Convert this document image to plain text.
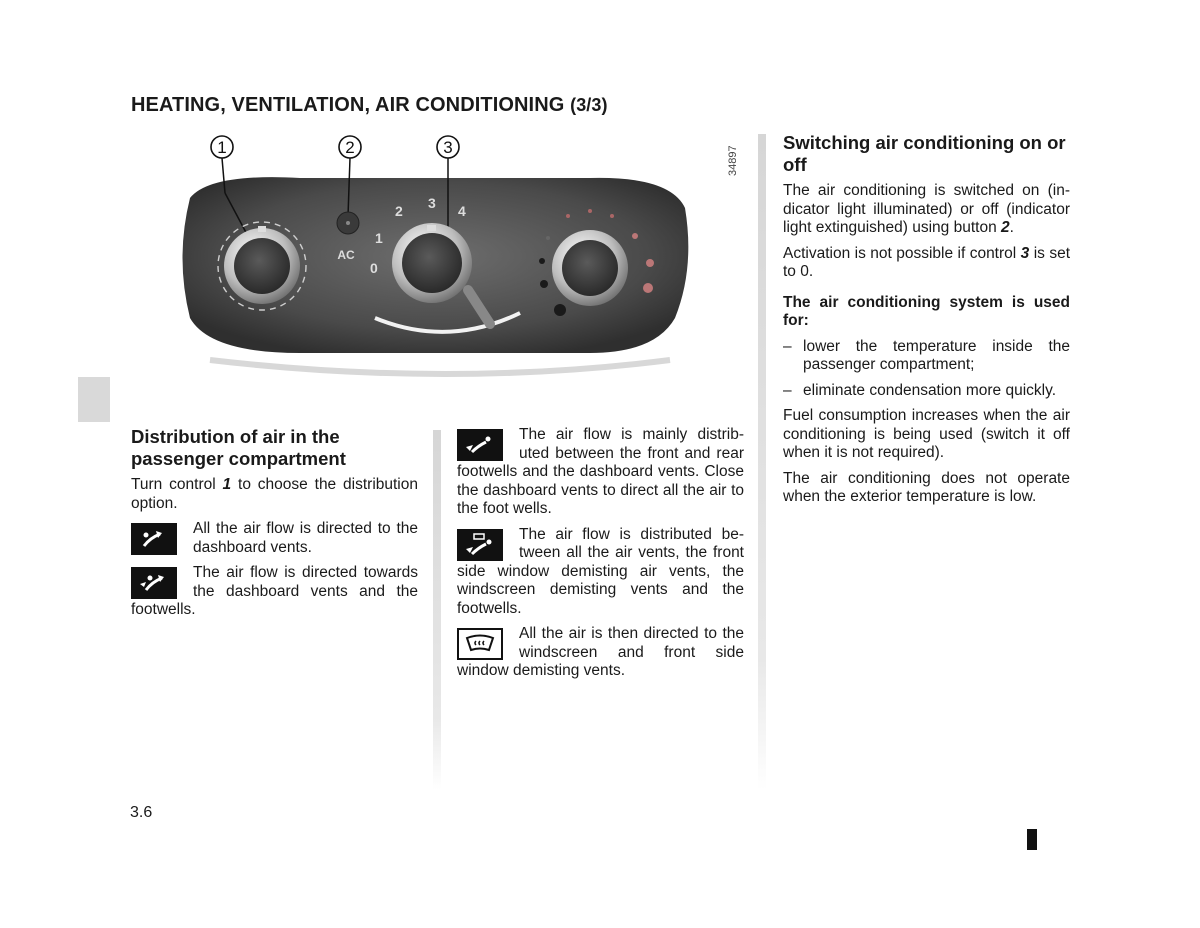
HEATING, VENTILATION, AIR CONDITIONING (3/3)
1	2	3
AC
0
1
2 3 4
34897
Distribution of air in the passenger compartment

Turn control 1 to choose the distribution option.

All the air flow is directed to the dashboard vents.
The air flow is directed towards the dashboard vents and the footwells.
The air flow is mainly distrib-uted between the front and rear footwells and the dashboard vents. Close the dashboard vents to direct all the air to the foot wells.
The air flow is distributed be-tween all the air vents, the front side window demisting air vents, the windscreen demisting vents and the footwells.
All the air is then directed to the windscreen and front side window demisting vents.
Switching air conditioning on or off

The air conditioning is switched on (in-dicator light illuminated) or off (indicator light extinguished) using button 2.

Activation is not possible if control 3 is set to 0.

The air conditioning system is used for:

– lower the temperature inside the passenger compartment;
– eliminate condensation more quickly.

Fuel consumption increases when the air conditioning is being used (switch it off when it is not required).

The air conditioning does not operate when the exterior temperature is low.

3.6
